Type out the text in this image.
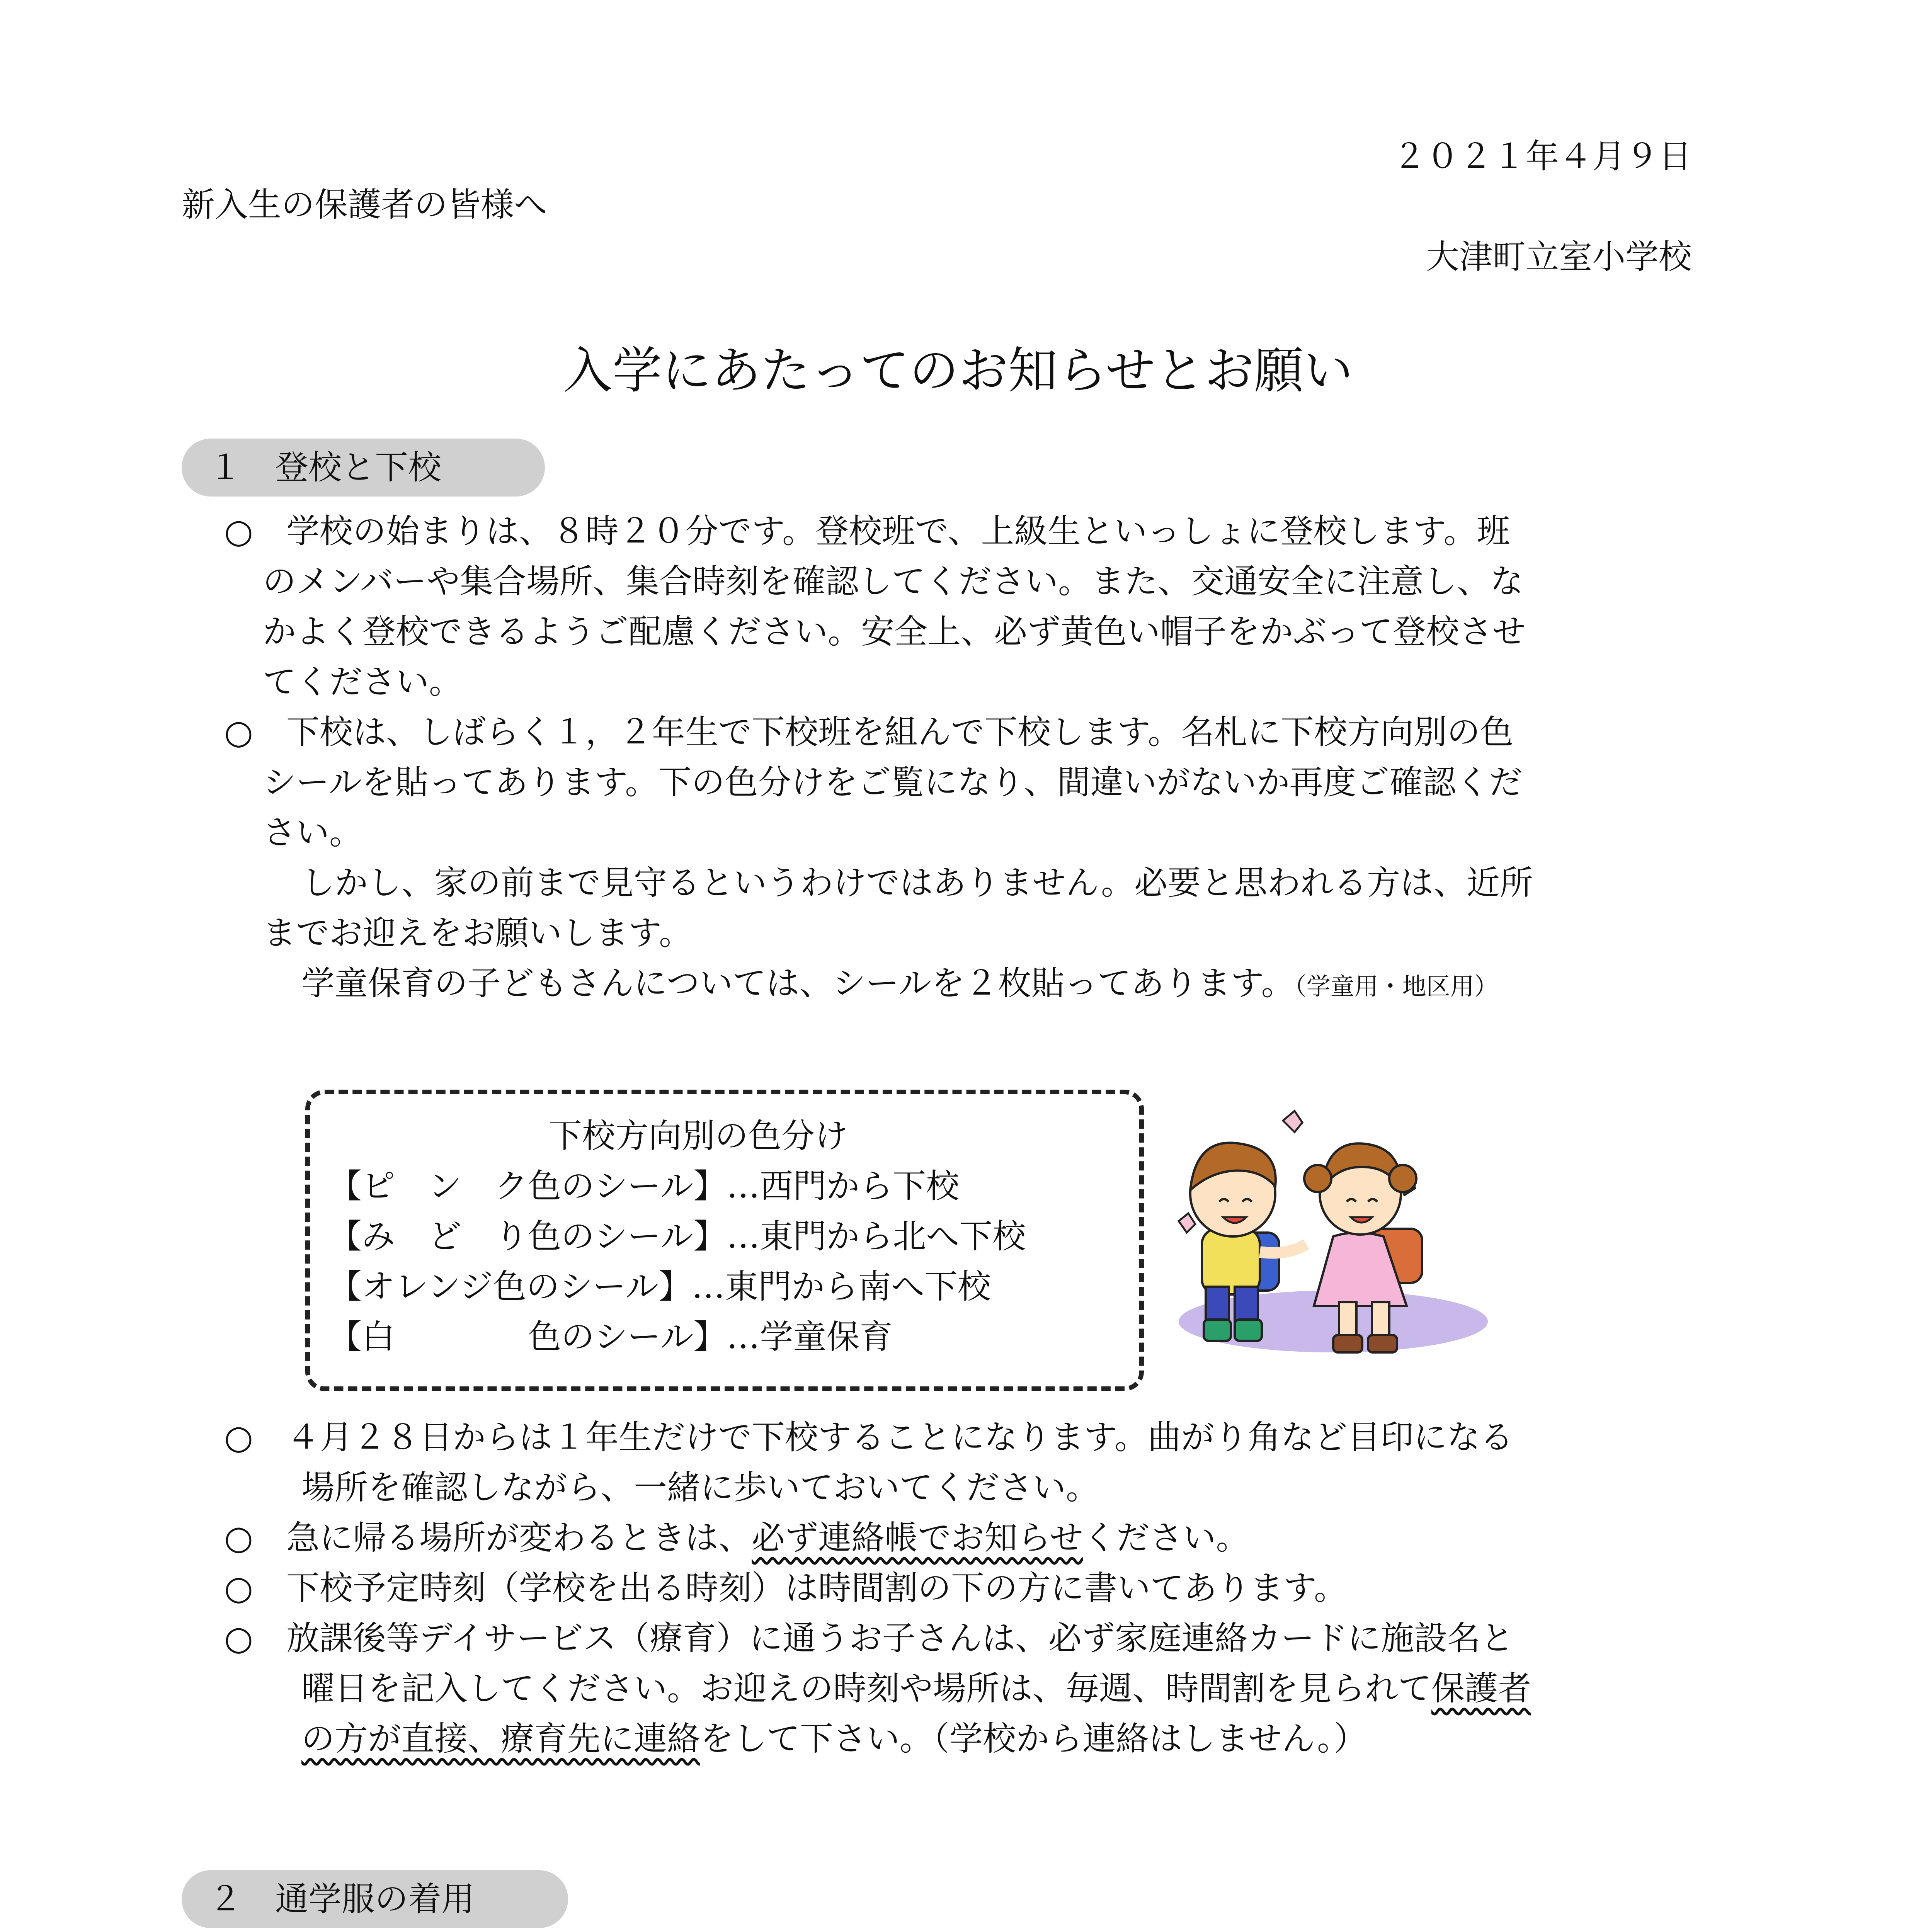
２０２１年４月９日
新入生の保護者の皆様へ
大津町立室小学校
入学にあたってのお知らせとお願い
１　登校と下校
○　学校の始まりは、８時２０分です。登校班で、上級生といっしょに登校します。班
のメンバーや集合場所、集合時刻を確認してください。また、交通安全に注意し、な
かよく登校できるようご配慮ください。安全上、必ず黄色い帽子をかぶって登校させ
てください。
○　下校は、しばらく１，２年生で下校班を組んで下校します。名札に下校方向別の色
シールを貼ってあります。下の色分けをご覧になり、間違いがないか再度ご確認くだ
さい。
しかし、家の前まで見守るというわけではありません。必要と思われる方は、近所
までお迎えをお願いします。
学童保育の子どもさんについては、シールを２枚貼ってあります。（学童用・地区用）
下校方向別の色分け
【ピ　ン　ク色のシール】…西門から下校
【み　ど　り色のシール】…東門から北へ下校
【オレンジ色のシール】…東門から南へ下校
【白　　　　色のシール】…学童保育
○　４月２８日からは１年生だけで下校することになります。曲がり角など目印になる
場所を確認しながら、一緒に歩いておいてください。
○　急に帰る場所が変わるときは、必ず連絡帳でお知らせください。
○　下校予定時刻（学校を出る時刻）は時間割の下の方に書いてあります。
○　放課後等デイサービス（療育）に通うお子さんは、必ず家庭連絡カードに施設名と
曜日を記入してください。お迎えの時刻や場所は、毎週、時間割を見られて保護者
の方が直接、療育先に連絡をして下さい。（学校から連絡はしません。）
２　通学服の着用
